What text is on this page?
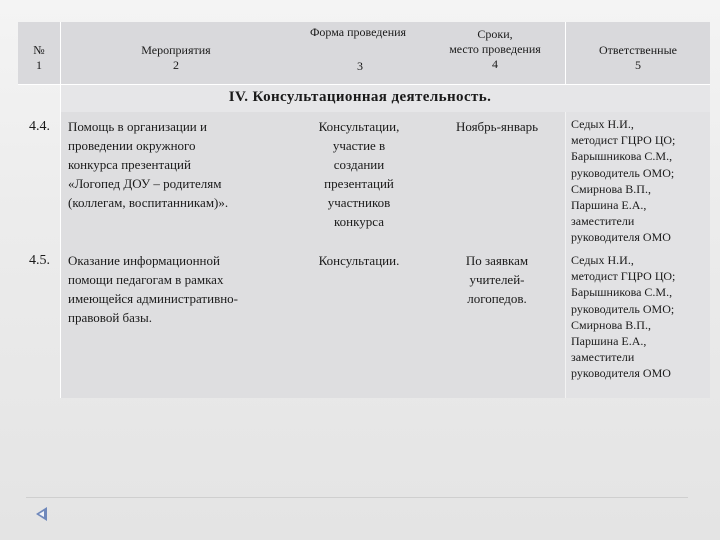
№
1
Мероприятия
2
Форма проведения
3
Сроки,
место проведения
4
Ответственные
5
IV. Консультационная деятельность.
4.4. Помощь в организации и
проведении окружного
конкурса презентаций
«Логопед ДОУ – родителям
(коллегам, воспитанникам)».
Консультации,
участие в
создании
презентаций
участников
конкурса
Ноябрь-январь	Седых Н.И.,
методист ГЦРО ЦО;
Барышникова С.М.,
руководитель ОМО;
Смирнова В.П.,
Паршина Е.А.,
заместители
руководителя ОМО
4.5. Оказание информационной
помощи педагогам в рамках
имеющейся административно-
правовой базы.
Консультации.	По заявкам
учителей-
логопедов.
Седых Н.И.,
методист ГЦРО ЦО;
Барышникова С.М.,
руководитель ОМО;
Смирнова В.П.,
Паршина Е.А.,
заместители
руководителя ОМО
